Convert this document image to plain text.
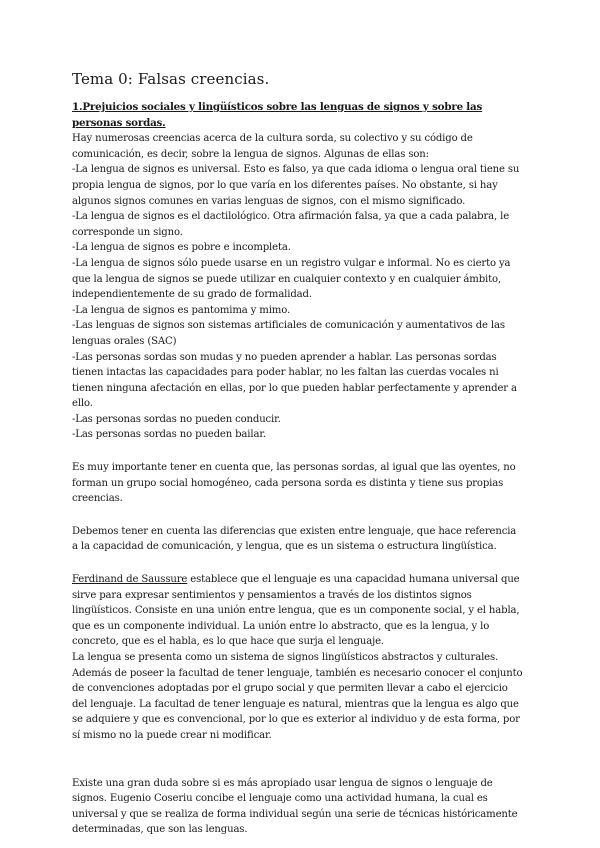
Tema 0: Falsas creencias.

1.Prejuicios sociales y lingüísticos sobre las lenguas de signos y sobre las personas sordas.

Hay numerosas creencias acerca de la cultura sorda, su colectivo y su código de comunicación, es decir, sobre la lengua de signos. Algunas de ellas son:

-La lengua de signos es universal. Esto es falso, ya que cada idioma o lengua oral tiene su propia lengua de signos, por lo que varía en los diferentes países. No obstante, si hay algunos signos comunes en varias lenguas de signos, con el mismo significado.

-La lengua de signos es el dactilológico. Otra afirmación falsa, ya que a cada palabra, le corresponde un signo.

-La lengua de signos es pobre e incompleta.

-La lengua de signos sólo puede usarse en un registro vulgar e informal. No es cierto ya que la lengua de signos se puede utilizar en cualquier contexto y en cualquier ámbito, independientemente de su grado de formalidad.

-La lengua de signos es pantomima y mimo.

-Las lenguas de signos son sistemas artificiales de comunicación y aumentativos de las lenguas orales (SAC)

-Las personas sordas son mudas y no pueden aprender a hablar. Las personas sordas tienen intactas las capacidades para poder hablar, no les faltan las cuerdas vocales ni tienen ninguna afectación en ellas, por lo que pueden hablar perfectamente y aprender a ello.

-Las personas sordas no pueden conducir.

-Las personas sordas no pueden bailar.

Es muy importante tener en cuenta que, las personas sordas, al igual que las oyentes, no forman un grupo social homogéneo, cada persona sorda es distinta y tiene sus propias creencias.

Debemos tener en cuenta las diferencias que existen entre lenguaje, que hace referencia a la capacidad de comunicación, y lengua, que es un sistema o estructura lingüística.

Ferdinand de Saussure establece que el lenguaje es una capacidad humana universal que sirve para expresar sentimientos y pensamientos a través de los distintos signos lingüísticos. Consiste en una unión entre lengua, que es un componente social, y el habla, que es un componente individual. La unión entre lo abstracto, que es la lengua, y lo concreto, que es el habla, es lo que hace que surja el lenguaje.

La lengua se presenta como un sistema de signos lingüísticos abstractos y culturales. Además de poseer la facultad de tener lenguaje, también es necesario conocer el conjunto de convenciones adoptadas por el grupo social y que permiten llevar a cabo el ejercicio del lenguaje. La facultad de tener lenguaje es natural, mientras que la lengua es algo que se adquiere y que es convencional, por lo que es exterior al individuo y de esta forma, por sí mismo no la puede crear ni modificar.

Existe una gran duda sobre si es más apropiado usar lengua de signos o lenguaje de signos. Eugenio Coseriu concibe el lenguaje como una actividad humana, la cual es universal y que se realiza de forma individual según una serie de técnicas históricamente determinadas, que son las lenguas.
